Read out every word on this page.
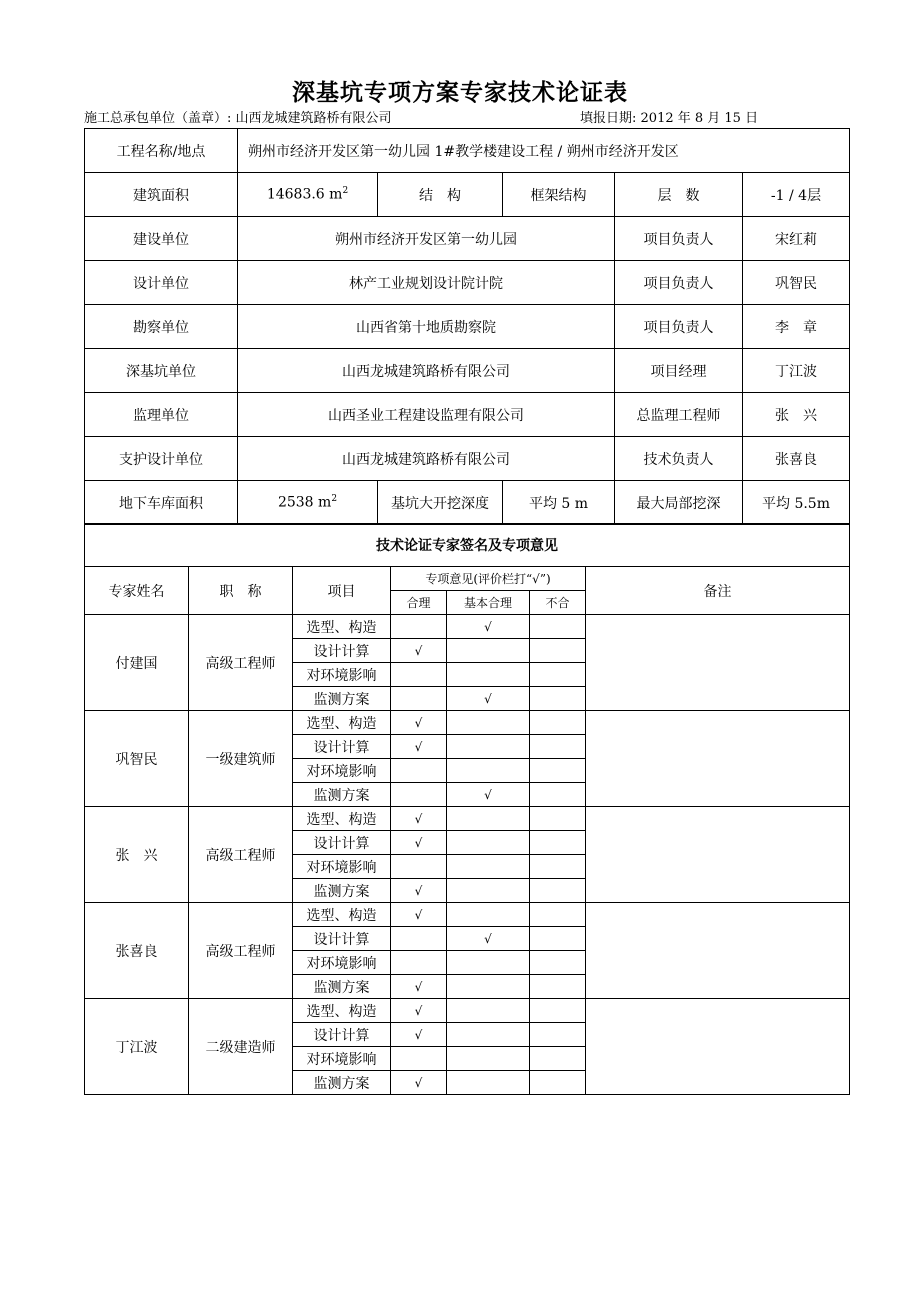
深基坑专项方案专家技术论证表
施工总承包单位（盖章）: 山西龙城建筑路桥有限公司	填报日期: 2012 年 8 月 15 日
工程名称/地点	朔州市经济开发区第一幼儿园 1#教学楼建设工程 / 朔州市经济开发区				
建筑面积	14683.6 $m^2$	结　构	框架结构	层　数	-1 / 4层
建设单位	朔州市经济开发区第一幼儿园			项目负责人	宋红莉
设计单位	林产工业规划设计院计院			项目负责人	巩智民
勘察单位	山西省第十地质勘察院			项目负责人	李　章
深基坑单位	山西龙城建筑路桥有限公司			项目经理	丁江波
监理单位	山西圣业工程建设监理有限公司			总监理工程师	张　兴
支护设计单位	山西龙城建筑路桥有限公司			技术负责人	张喜良
地下车库面积	2538 $m^2$	基坑大开挖深度	平均 5 m	最大局部挖深	平均 5.5m
技术论证专家签名及专项意见						
专家姓名	职　称	项目	专项意见(评价栏打“√”)			备注
			合理	基本合理	不合	
付建国	高级工程师	选型、构造		√		
		设计计算	√			
		对环境影响				
		监测方案		√		
巩智民	一级建筑师	选型、构造	√			
		设计计算	√			
		对环境影响				
		监测方案		√		
张　兴	高级工程师	选型、构造	√			
		设计计算	√			
		对环境影响				
		监测方案	√			
张喜良	高级工程师	选型、构造	√			
		设计计算		√		
		对环境影响				
		监测方案	√			
丁江波	二级建造师	选型、构造	√			
		设计计算	√			
		对环境影响				
		监测方案	√			
